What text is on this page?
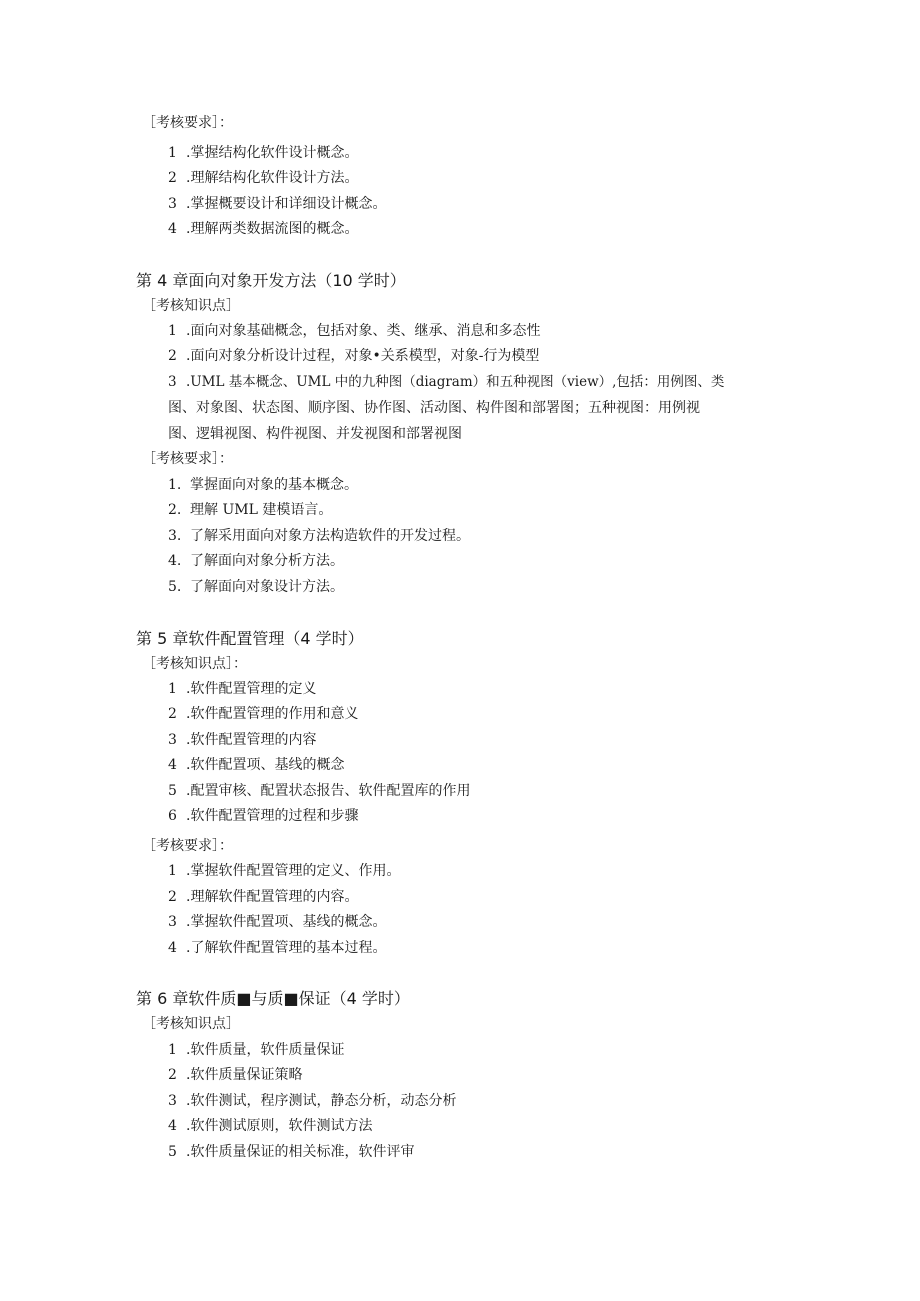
［考核要求］：
1 .掌握结构化软件设计概念。
2 .理解结构化软件设计方法。
3 .掌握概要设计和详细设计概念。
4 .理解两类数据流图的概念。
第 4 章面向对象开发方法（10 学时）
［考核知识点］
1 .面向对象基础概念，包括对象、类、继承、消息和多态性
2 .面向对象分析设计过程，对象•关系模型，对象-行为模型
3 .UML 基本概念、UML 中的九种图（diagram）和五种视图（view）,包括：用例图、类
图、对象图、状态图、顺序图、协作图、活动图、构件图和部署图；五种视图：用例视
图、逻辑视图、构件视图、并发视图和部署视图
［考核要求］：
1. 掌握面向对象的基本概念。
2. 理解 UML 建模语言。
3. 了解采用面向对象方法构造软件的开发过程。
4. 了解面向对象分析方法。
5. 了解面向对象设计方法。
第 5 章软件配置管理（4 学时）
［考核知识点］：
1 .软件配置管理的定义
2 .软件配置管理的作用和意义
3 .软件配置管理的内容
4 .软件配置项、基线的概念
5 .配置审核、配置状态报告、软件配置库的作用
6 .软件配置管理的过程和步骤
［考核要求］：
1 .掌握软件配置管理的定义、作用。
2 .理解软件配置管理的内容。
3 .掌握软件配置项、基线的概念。
4 .了解软件配置管理的基本过程。
第 6 章软件质■与质■保证（4 学时）
［考核知识点］
1 .软件质量，软件质量保证
2 .软件质量保证策略
3 .软件测试，程序测试，静态分析，动态分析
4 .软件测试原则，软件测试方法
5 .软件质量保证的相关标准，软件评审
